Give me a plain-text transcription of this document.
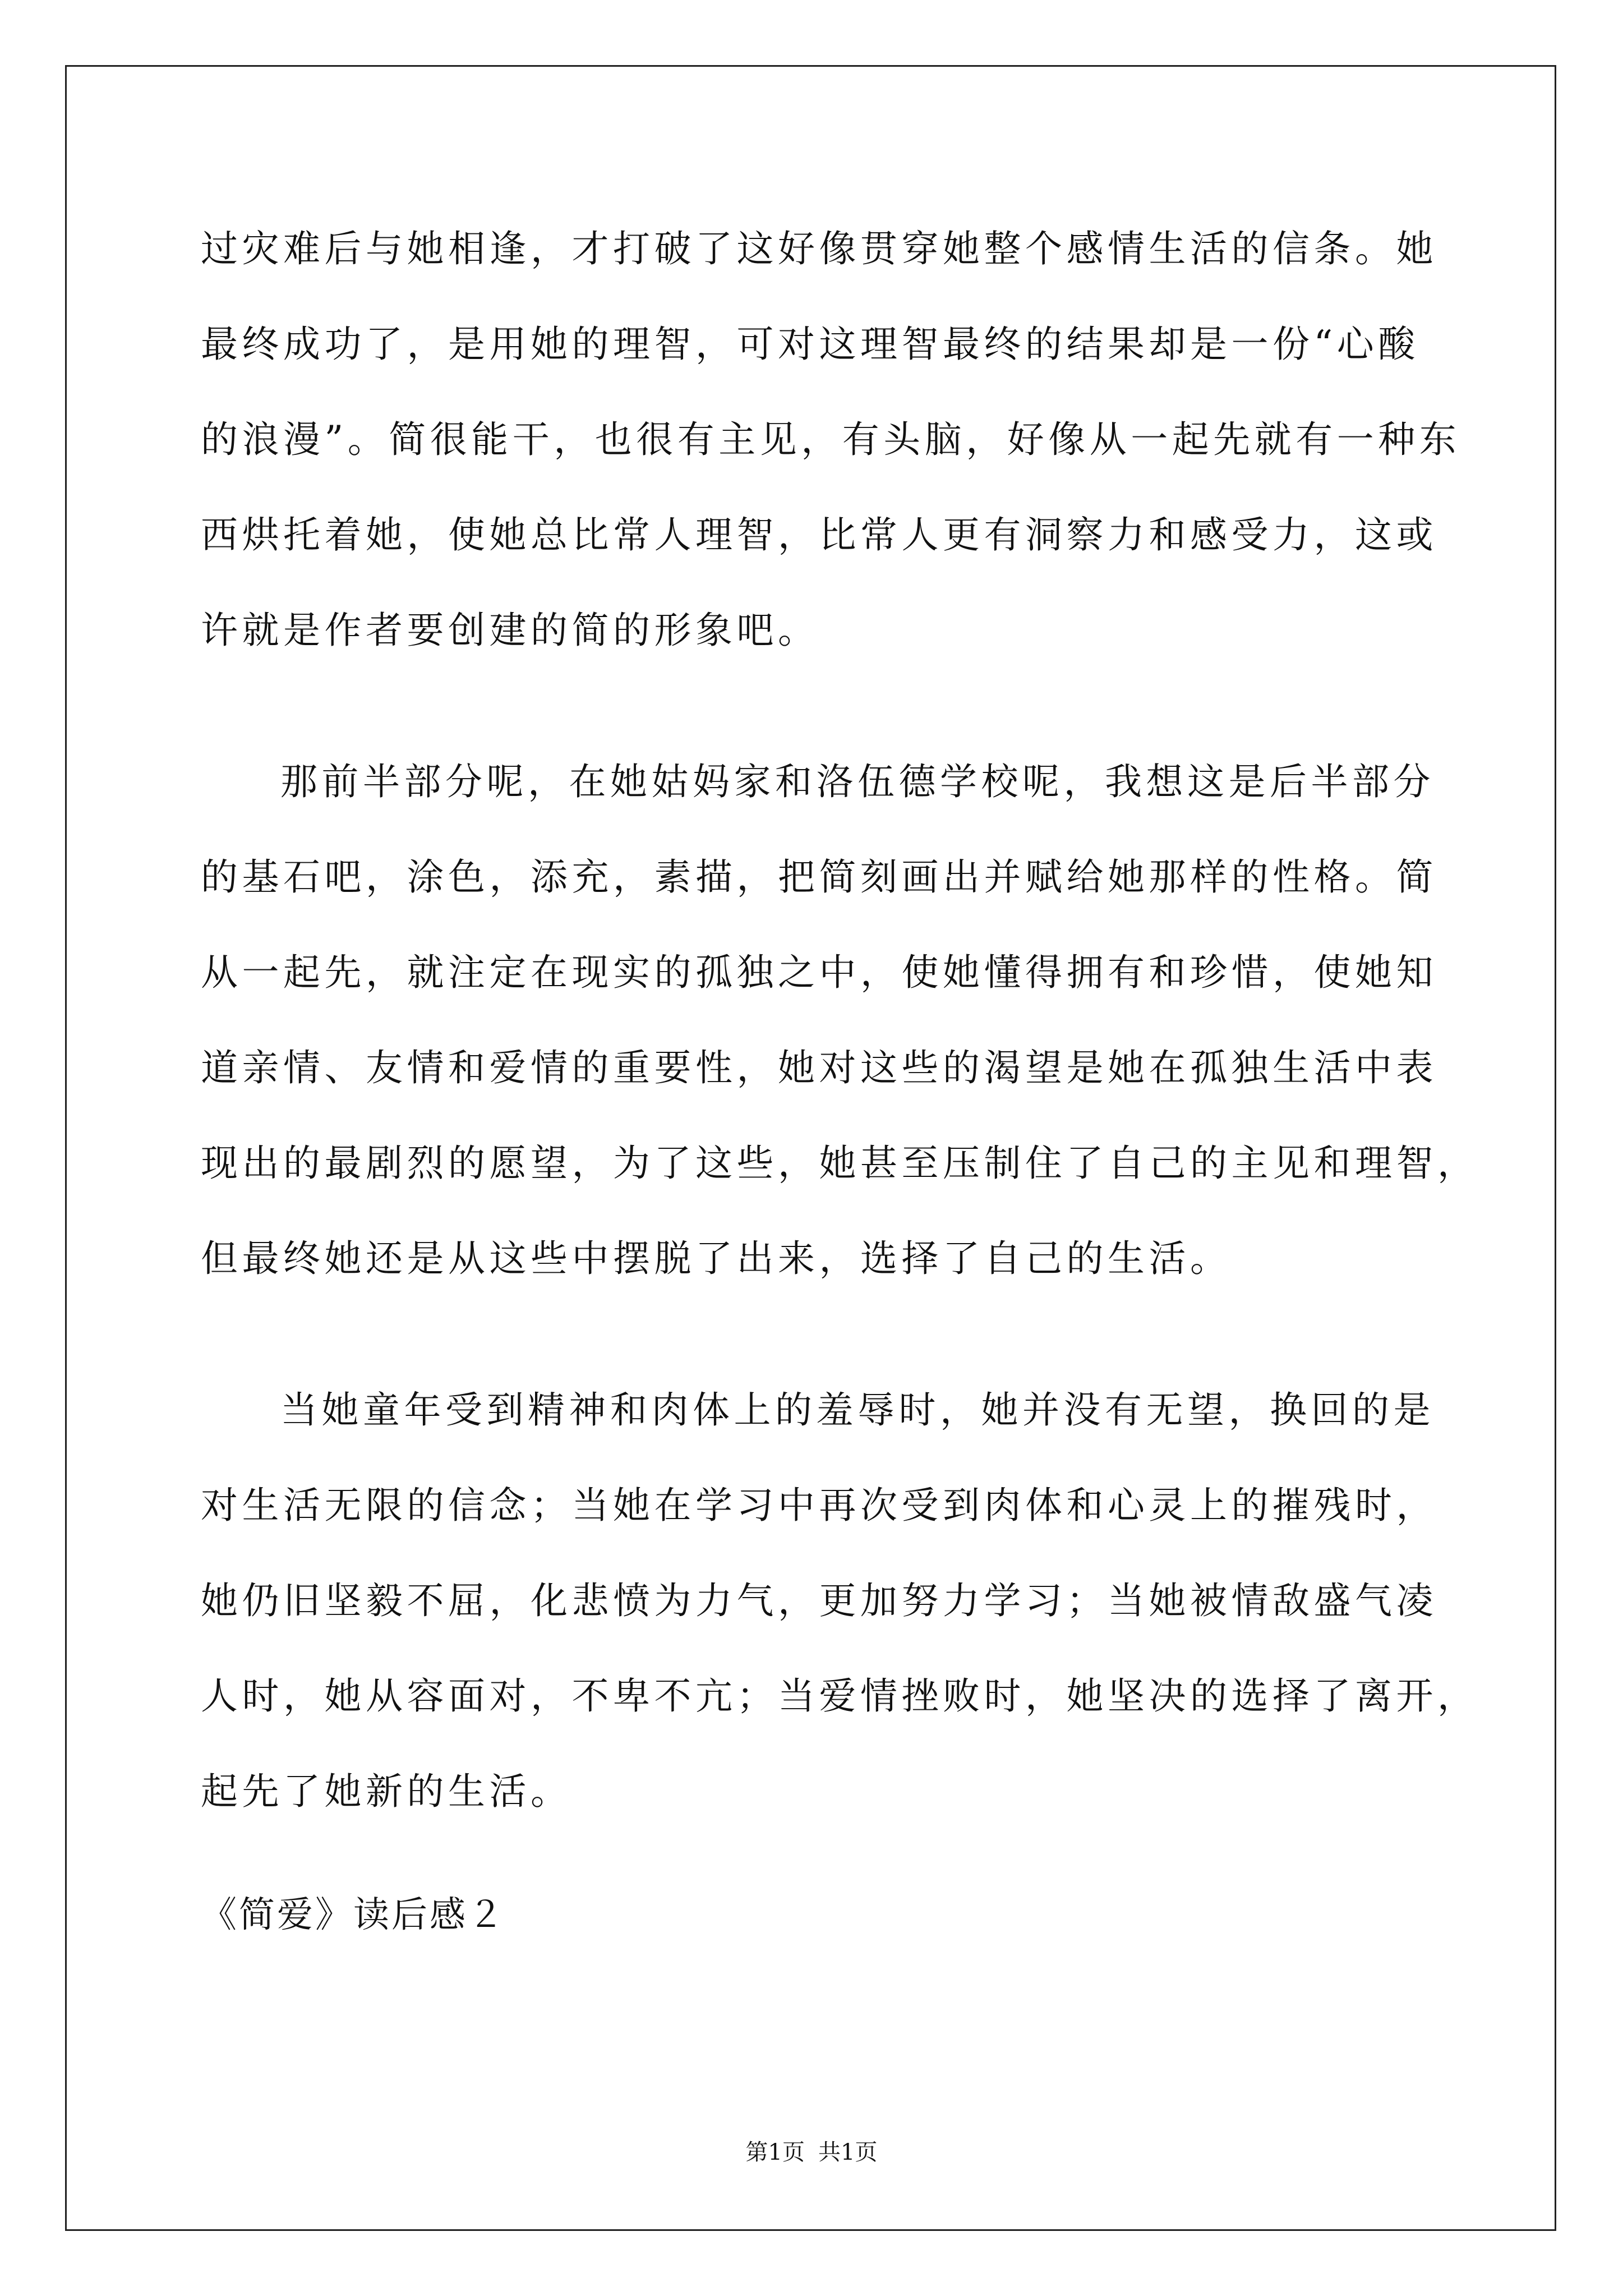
过灾难后与她相逢，才打破了这好像贯穿她整个感情生活的信条。她

最终成功了，是用她的理智，可对这理智最终的结果却是一份“心酸

的浪漫”。简很能干，也很有主见，有头脑，好像从一起先就有一种东

西烘托着她，使她总比常人理智，比常人更有洞察力和感受力，这或

许就是作者要创建的简的形象吧。

那前半部分呢，在她姑妈家和洛伍德学校呢，我想这是后半部分

的基石吧，涂色，添充，素描，把简刻画出并赋给她那样的性格。简

从一起先，就注定在现实的孤独之中，使她懂得拥有和珍惜，使她知

道亲情、友情和爱情的重要性，她对这些的渴望是她在孤独生活中表

现出的最剧烈的愿望，为了这些，她甚至压制住了自己的主见和理智，

但最终她还是从这些中摆脱了出来，选择了自己的生活。

当她童年受到精神和肉体上的羞辱时，她并没有无望，换回的是

对生活无限的信念；当她在学习中再次受到肉体和心灵上的摧残时，

她仍旧坚毅不屈，化悲愤为力气，更加努力学习；当她被情敌盛气凌

人时，她从容面对，不卑不亢；当爱情挫败时，她坚决的选择了离开，

起先了她新的生活。

《简爱》读后感２

第1页 共1页
